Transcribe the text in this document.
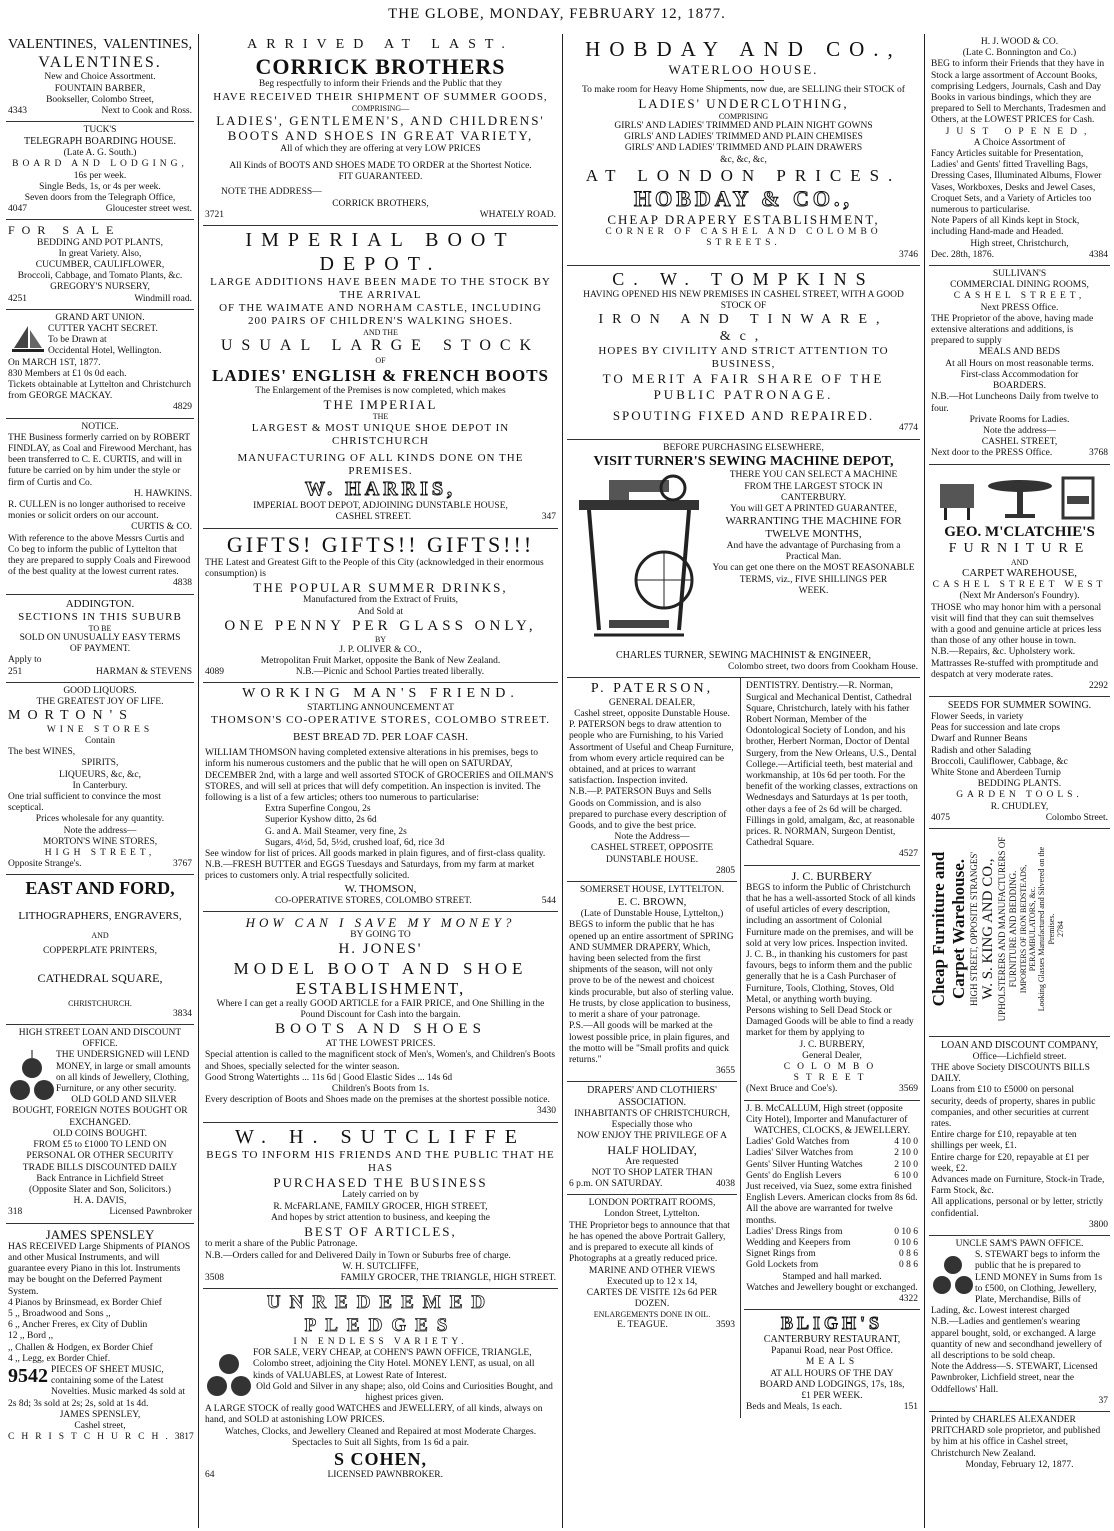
THE GLOBE, MONDAY, FEBRUARY 12, 1877.
VALENTINES, VALENTINES,
VALENTINES.
New and Choice Assortment.
FOUNTAIN BARBER,
Bookseller, Colombo Street,
4343	Next to Cook and Ross.
TUCK'S
TELEGRAPH BOARDING HOUSE.
(Late A. G. South.)
BOARD AND LODGING,
16s per week.
Single Beds, 1s, or 4s per week.
Seven doors from the Telegraph Office,
4047	Gloucester street west.
FOR SALE
BEDDING AND POT PLANTS,
In great Variety. Also,
CUCUMBER, CAULIFLOWER,
Broccoli, Cabbage, and Tomato Plants, &c.
GREGORY'S NURSERY,
4251	Windmill road.
GRAND ART UNION.
CUTTER YACHT SECRET.
To be Drawn at
Occidental Hotel, Wellington.
On MARCH 1ST, 1877.
830 Members at £1 0s 0d each.
Tickets obtainable at Lyttelton and Christchurch from GEORGE MACKAY.
4829
NOTICE.
THE Business formerly carried on by ROBERT FINDLAY, as Coal and Firewood Merchant, has been transferred to C. E. CURTIS, and will in future be carried on by him under the style or firm of Curtis and Co.
H. HAWKINS.
R. CULLEN is no longer authorised to receive monies or solicit orders on our account.
CURTIS & CO.
With reference to the above Messrs Curtis and Co beg to inform the public of Lyttelton that they are prepared to supply Coals and Firewood of the best quality at the lowest current rates.
4838
ADDINGTON.
SECTIONS IN THIS SUBURB
TO BE
SOLD ON UNUSUALLY EASY TERMS
OF PAYMENT.
Apply to
251	HARMAN & STEVENS
GOOD LIQUORS.
THE GREATEST JOY OF LIFE.
MORTON'S
WINE STORES
Contain
The best WINES,
SPIRITS,
LIQUEURS, &c, &c,
In Canterbury.
One trial sufficient to convince the most sceptical.
Prices wholesale for any quantity.
Note the address—
MORTON'S WINE STORES,
HIGH STREET,
Opposite Strange's.	3767
EAST AND FORD,
LITHOGRAPHERS, ENGRAVERS,
AND
COPPERPLATE PRINTERS,
CATHEDRAL SQUARE,
CHRISTCHURCH.
3834
HIGH STREET LOAN AND DISCOUNT OFFICE.
THE UNDERSIGNED will LEND MONEY, in large or small amounts on all kinds of Jewellery, Clothing, Furniture, or any other security.
OLD GOLD AND SILVER BOUGHT, FOREIGN NOTES BOUGHT OR EXCHANGED.
OLD COINS BOUGHT.
FROM £5 to £1000 TO LEND ON PERSONAL OR OTHER SECURITY
TRADE BILLS DISCOUNTED DAILY
Back Entrance in Lichfield Street
(Opposite Slater and Son, Solicitors.)
H. A. DAVIS,
318	Licensed Pawnbroker
JAMES SPENSLEY
HAS RECEIVED Large Shipments of PIANOS and other Musical Instruments, and will guarantee every Piano in this lot. Instruments may be bought on the Deferred Payment System.
4 Pianos by Brinsmead, ex Border Chief
5 ,, Broadwood and Sons ,,
6 ,, Ancher Freres, ex City of Dublin
12 ,, Bord ,,
,, Challen & Hodgen, ex Border Chief
4 ,, Legg, ex Border Chief.
9542 PIECES OF SHEET MUSIC, containing some of the Latest Novelties. Music marked 4s sold at 2s 8d; 3s sold at 2s; 2s, sold at 1s 4d.
JAMES SPENSLEY,
Cashel street,
CHRISTCHURCH. 3817
ARRIVED AT LAST.
CORRICK BROTHERS
Beg respectfully to inform their Friends and the Public that they
HAVE RECEIVED THEIR SHIPMENT OF SUMMER GOODS,
COMPRISING—
LADIES', GENTLEMEN'S, AND CHILDRENS'
BOOTS AND SHOES IN GREAT VARIETY,
All of which they are offering at very LOW PRICES
All Kinds of BOOTS AND SHOES MADE TO ORDER at the Shortest Notice.
FIT GUARANTEED.
NOTE THE ADDRESS—
CORRICK BROTHERS,
3721	WHATELY ROAD.
IMPERIAL BOOT DEPOT.
LARGE ADDITIONS HAVE BEEN MADE TO THE STOCK BY THE ARRIVAL
OF THE WAIMATE AND NORHAM CASTLE, INCLUDING
200 PAIRS OF CHILDREN'S WALKING SHOES.
AND THE
USUAL LARGE STOCK
OF
LADIES' ENGLISH & FRENCH BOOTS
The Enlargement of the Premises is now completed, which makes
THE IMPERIAL
THE
LARGEST & MOST UNIQUE SHOE DEPOT IN CHRISTCHURCH
MANUFACTURING OF ALL KINDS DONE ON THE PREMISES.
W. HARRIS,
IMPERIAL BOOT DEPOT, ADJOINING DUNSTABLE HOUSE,
CASHEL STREET.	347
GIFTS! GIFTS!! GIFTS!!!
THE Latest and Greatest Gift to the People of this City (acknowledged in their enormous consumption) is
THE POPULAR SUMMER DRINKS,
Manufactured from the Extract of Fruits,
And Sold at
ONE PENNY PER GLASS ONLY,
BY
J. P. OLIVER & CO.,
Metropolitan Fruit Market, opposite the Bank of New Zealand.
4089	N.B.—Picnic and School Parties treated liberally.
WORKING MAN'S FRIEND.
STARTLING ANNOUNCEMENT AT
THOMSON'S CO-OPERATIVE STORES, COLOMBO STREET.
BEST BREAD 7D. PER LOAF CASH.
WILLIAM THOMSON having completed extensive alterations in his premises, begs to inform his numerous customers and the public that he will open on SATURDAY, DECEMBER 2nd, with a large and well assorted STOCK of GROCERIES and OILMAN'S STORES, and will sell at prices that will defy competition. An inspection is invited. The following is a list of a few articles; others too numerous to particularise:
Extra Superfine Congou, 2s
Superior Kyshow ditto, 2s 6d
G. and A. Mail Steamer, very fine, 2s
Sugars, 4½d, 5d, 5½d, crushed loaf, 6d, rice 3d
See window for list of prices. All goods marked in plain figures, and of first-class quality.
N.B.—FRESH BUTTER and EGGS Tuesdays and Saturdays, from my farm at market prices to customers only. A trial respectfully solicited.
W. THOMSON,
CO-OPERATIVE STORES, COLOMBO STREET.	544
HOW CAN I SAVE MY MONEY?
BY GOING TO
H. JONES'
MODEL BOOT AND SHOE
ESTABLISHMENT,
Where I can get a really GOOD ARTICLE for a FAIR PRICE, and One Shilling in the Pound Discount for Cash into the bargain.
BOOTS AND SHOES
AT THE LOWEST PRICES.
Special attention is called to the magnificent stock of Men's, Women's, and Children's Boots and Shoes, specially selected for the winter season.
Good Strong Watertights ... 11s 6d | Good Elastic Sides ... 14s 6d
Children's Boots from 1s.
Every description of Boots and Shoes made on the premises at the shortest possible notice.
3430
W. H. SUTCLIFFE
BEGS TO INFORM HIS FRIENDS AND THE PUBLIC THAT HE HAS
PURCHASED THE BUSINESS
Lately carried on by
R. McFARLANE, FAMILY GROCER, HIGH STREET,
And hopes by strict attention to business, and keeping the
BEST OF ARTICLES,
to merit a share of the Public Patronage.
N.B.—Orders called for and Delivered Daily in Town or Suburbs free of charge.
W. H. SUTCLIFFE,
3508	FAMILY GROCER, THE TRIANGLE, HIGH STREET.
UNREDEEMED PLEDGES
IN ENDLESS VARIETY.
FOR SALE, VERY CHEAP, at COHEN'S PAWN OFFICE, TRIANGLE, Colombo street, adjoining the City Hotel. MONEY LENT, as usual, on all kinds of VALUABLES, at Lowest Rate of Interest.
Old Gold and Silver in any shape; also, old Coins and Curiosities Bought, and highest prices given.
A LARGE STOCK of really good WATCHES and JEWELLERY, of all kinds, always on hand, and SOLD at astonishing LOW PRICES.
Watches, Clocks, and Jewellery Cleaned and Repaired at most Moderate Charges.
Spectacles to Suit all Sights, from 1s 6d a pair.
S COHEN,
64	LICENSED PAWNBROKER.
HOBDAY AND CO.,
WATERLOO HOUSE.
To make room for Heavy Home Shipments, now due, are SELLING their STOCK of
LADIES' UNDERCLOTHING,
COMPRISING
GIRLS' AND LADIES' TRIMMED AND PLAIN NIGHT GOWNS
GIRLS' AND LADIES' TRIMMED AND PLAIN CHEMISES
GIRLS' AND LADIES' TRIMMED AND PLAIN DRAWERS
&c, &c, &c,
AT LONDON PRICES.
HOBDAY & CO.,
CHEAP DRAPERY ESTABLISHMENT,
CORNER OF CASHEL AND COLOMBO STREETS.
3746
C. W. TOMPKINS
HAVING OPENED HIS NEW PREMISES IN CASHEL STREET, WITH A GOOD STOCK OF
IRON AND TINWARE, &c,
HOPES BY CIVILITY AND STRICT ATTENTION TO BUSINESS,
TO MERIT A FAIR SHARE OF THE PUBLIC PATRONAGE.
SPOUTING FIXED AND REPAIRED.
4774
BEFORE PURCHASING ELSEWHERE,
VISIT TURNER'S SEWING MACHINE DEPOT,
THERE YOU CAN SELECT A MACHINE
FROM THE LARGEST STOCK IN
CANTERBURY.
You will GET A PRINTED GUARANTEE,
WARRANTING THE MACHINE FOR
TWELVE MONTHS,
And have the advantage of Purchasing from a
Practical Man.
You can get one there on the MOST REASONABLE
TERMS, viz., FIVE SHILLINGS PER
WEEK.
CHARLES TURNER, SEWING MACHINIST & ENGINEER,
Colombo street, two doors from Cookham House.
P. PATERSON,
GENERAL DEALER,
Cashel street, opposite Dunstable House.
P. PATERSON begs to draw attention to people who are Furnishing, to his Varied Assortment of Useful and Cheap Furniture, from whom every article required can be obtained, and at prices to warrant satisfaction. Inspection invited.
N.B.—P. PATERSON Buys and Sells Goods on Commission, and is also prepared to purchase every description of Goods, and to give the best price.
Note the Address—
CASHEL STREET, OPPOSITE DUNSTABLE HOUSE.
2805
SOMERSET HOUSE, LYTTELTON.
E. C. BROWN,
(Late of Dunstable House, Lyttelton,)
BEGS to inform the public that he has opened up an entire assortment of SPRING AND SUMMER DRAPERY, Which, having been selected from the first shipments of the season, will not only prove to be of the newest and choicest kinds procurable, but also of sterling value. He trusts, by close application to business, to merit a share of your patronage.
P.S.—All goods will be marked at the lowest possible price, in plain figures, and the motto will be "Small profits and quick returns."
3655
DRAPERS' AND CLOTHIERS' ASSOCIATION.
INHABITANTS OF CHRISTCHURCH,
Especially those who
NOW ENJOY THE PRIVILEGE OF A
HALF HOLIDAY,
Are requested
NOT TO SHOP LATER THAN
6 p.m. ON SATURDAY.	4038
LONDON PORTRAIT ROOMS,
London Street, Lyttelton.
THE Proprietor begs to announce that that he has opened the above Portrait Gallery, and is prepared to execute all kinds of Photographs at a greatly reduced price.
MARINE AND OTHER VIEWS
Executed up to 12 x 14,
CARTES DE VISITE 12s 6d PER DOZEN.
ENLARGEMENTS DONE IN OIL.
E. TEAGUE.	3593
DENTISTRY. Dentistry.—R. Norman, Surgical and Mechanical Dentist, Cathedral Square, Christchurch, lately with his father Robert Norman, Member of the Odontological Society of London, and his brother, Herbert Norman, Doctor of Dental Surgery, from the New Orleans, U.S., Dental College.—Artificial teeth, best material and workmanship, at 10s 6d per tooth. For the benefit of the working classes, extractions on Wednesdays and Saturdays at 1s per tooth, other days a fee of 2s 6d will be charged. Fillings in gold, amalgam, &c, at reasonable prices. R. NORMAN, Surgeon Dentist, Cathedral Square.
4527
J. C. BURBERY
BEGS to inform the Public of Christchurch that he has a well-assorted Stock of all kinds of useful articles of every description, including an assortment of Colonial Furniture made on the premises, and will be sold at very low prices. Inspection invited.
J. C. B., in thanking his customers for past favours, begs to inform them and the public generally that he is a Cash Purchaser of Furniture, Tools, Clothing, Stoves, Old Metal, or anything worth buying.
Persons wishing to Sell Dead Stock or Damaged Goods will be able to find a ready market for them by applying to
J. C. BURBERY,
General Dealer,
COLOMBO STREET
(Next Bruce and Coe's).	3569
J. B. McCALLUM, High street (opposite City Hotel), Importer and Manufacturer of
WATCHES, CLOCKS, & JEWELLERY.
Ladies' Gold Watches from	4 10 0
Ladies' Silver Watches from	2 10 0
Gents' Silver Hunting Watches	2 10 0
Gents' do English Levers	6 10 0
Just received, via Suez, some extra finished English Levers. American clocks from 8s 6d. All the above are warranted for twelve months.
Ladies' Dress Rings from	0 10 6
Wedding and Keepers from	0 10 6
Signet Rings from	0 8 6
Gold Lockets from	0 8 6
Stamped and hall marked.
Watches and Jewellery bought or exchanged.
4322
BLIGH'S
CANTERBURY RESTAURANT,
Papanui Road, near Post Office.
MEALS
AT ALL HOURS OF THE DAY
BOARD AND LODGINGS, 17s, 18s,
£1 PER WEEK.
Beds and Meals, 1s each.	151
H. J. WOOD & CO.
(Late C. Bonnington and Co.)
BEG to inform their Friends that they have in Stock a large assortment of Account Books, comprising Ledgers, Journals, Cash and Day Books in various bindings, which they are prepared to Sell to Merchants, Tradesmen and Others, at the LOWEST PRICES for Cash.
JUST OPENED,
A Choice Assortment of
Fancy Articles suitable for Presentation, Ladies' and Gents' fitted Travelling Bags, Dressing Cases, Illuminated Albums, Flower Vases, Workboxes, Desks and Jewel Cases, Croquet Sets, and a Variety of Articles too numerous to particularise.
Note Papers of all Kinds kept in Stock, including Hand-made and Headed.
High street, Christchurch,
Dec. 28th, 1876.	4384
SULLIVAN'S
COMMERCIAL DINING ROOMS,
CASHEL STREET,
Next PRESS Office.
THE Proprietor of the above, having made extensive alterations and additions, is prepared to supply
MEALS AND BEDS
At all Hours on most reasonable terms.
First-class Accommodation for
BOARDERS.
N.B.—Hot Luncheons Daily from twelve to four.
Private Rooms for Ladies.
Note the address—
CASHEL STREET,
Next door to the PRESS Office.	3768
GEO. M'CLATCHIE'S
FURNITURE
AND
CARPET WAREHOUSE,
CASHEL STREET WEST
(Next Mr Anderson's Foundry).
THOSE who may honor him with a personal visit will find that they can suit themselves with a good and genuine article at prices less than those of any other house in town.
N.B.—Repairs, &c. Upholstery work. Mattrasses Re-stuffed with promptitude and despatch at very moderate rates.
2292
SEEDS FOR SUMMER SOWING.
Flower Seeds, in variety
Peas for succession and late crops
Dwarf and Runner Beans
Radish and other Salading
Broccoli, Cauliflower, Cabbage, &c
White Stone and Aberdeen Turnip
BEDDING PLANTS.
GARDEN TOOLS.
R. CHUDLEY,
4075	Colombo Street.
Cheap Furniture and Carpet Warehouse. HIGH STREET, OPPOSITE STRANGES' W. S. KING AND CO., UPHOLSTERERS AND MANUFACTURERS OF FURNITURE AND BEDDING. IMPORTERS OF IRON BEDSTEADS, PERAMBULATORS, &c. Looking Glasses Manufactured and Silvered on the Premises. 2784
LOAN AND DISCOUNT COMPANY,
Office—Lichfield street.
THE above Society DISCOUNTS BILLS DAILY.
Loans from £10 to £5000 on personal security, deeds of property, shares in public companies, and other securities at current rates.
Entire charge for £10, repayable at ten shillings per week, £1.
Entire charge for £20, repayable at £1 per week, £2.
Advances made on Furniture, Stock-in Trade, Farm Stock, &c.
All applications, personal or by letter, strictly confidential.
3800
UNCLE SAM'S PAWN OFFICE.
S. STEWART begs to inform the public that he is prepared to LEND MONEY in Sums from 1s to £500, on Clothing, Jewellery, Plate, Merchandise, Bills of Lading, &c. Lowest interest charged
N.B.—Ladies and gentlemen's wearing apparel bought, sold, or exchanged. A large quantity of new and secondhand jewellery of all descriptions to be sold cheap.
Note the Address—S. STEWART, Licensed Pawnbroker, Lichfield street, near the Oddfellows' Hall.
37
Printed by CHARLES ALEXANDER PRITCHARD sole proprietor, and published by him at his office in Cashel street, Christchurch New Zealand.
Monday, February 12, 1877.
